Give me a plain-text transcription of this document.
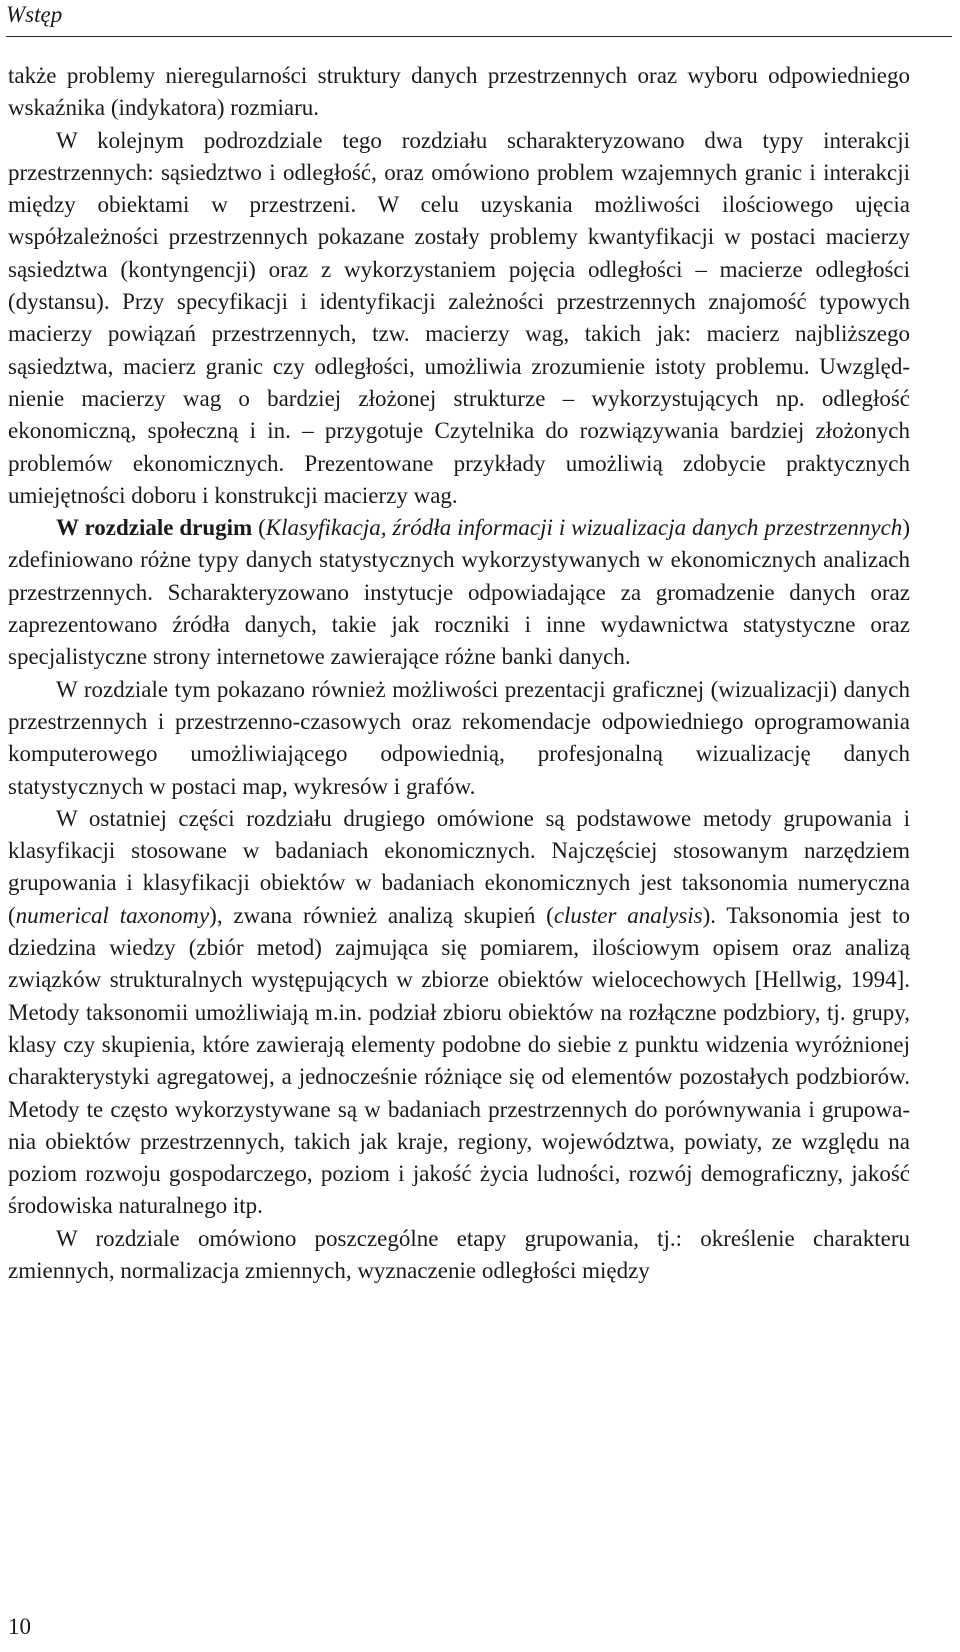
Wstęp

także problemy nieregularności struktury danych przestrzennych oraz wyboru odpowiedniego wskaźnika (indykatora) rozmiaru.

W kolejnym podrozdziale tego rozdziału scharakteryzowano dwa typy interakcji przestrzennych: sąsiedztwo i odległość, oraz omówiono problem wzajemnych granic i interakcji między obiektami w przestrzeni. W celu uzyskania możliwości ilościowego ujęcia współzależności przestrzennych pokazane zostały problemy kwantyfikacji w postaci macierzy sąsiedztwa (kontyngencji) oraz z wykorzystaniem pojęcia odległości – macierze odległości (dystansu). Przy specyfikacji i identyfikacji zależności przestrzennych znajomość typowych macierzy powiązań przestrzennych, tzw. macierzy wag, takich jak: macierz najbliższego sąsiedztwa, macierz granic czy odległości, umożliwia zrozumienie istoty problemu. Uwzględnienie macierzy wag o bardziej złożonej strukturze – wykorzystujących np. odległość ekonomiczną, społeczną i in. – przygotuje Czytelnika do rozwiązywania bardziej złożonych problemów ekonomicznych. Prezentowane przykłady umożliwią zdobycie praktycznych umiejętności doboru i konstrukcji macierzy wag.

W rozdziale drugim (Klasyfikacja, źródła informacji i wizualizacja danych przestrzennych) zdefiniowano różne typy danych statystycznych wykorzystywanych w ekonomicznych analizach przestrzennych. Scharakteryzowano instytucje odpowiadające za gromadzenie danych oraz zaprezentowano źródła danych, takie jak roczniki i inne wydawnictwa statystyczne oraz specjalistyczne strony internetowe zawierające różne banki danych.

W rozdziale tym pokazano również możliwości prezentacji graficznej (wizualizacji) danych przestrzennych i przestrzenno-czasowych oraz rekomendacje odpowiedniego oprogramowania komputerowego umożliwiającego odpowiednią, profesjonalną wizualizację danych statystycznych w postaci map, wykresów i grafów.

W ostatniej części rozdziału drugiego omówione są podstawowe metody grupowania i klasyfikacji stosowane w badaniach ekonomicznych. Najczęściej stosowanym narzędziem grupowania i klasyfikacji obiektów w badaniach ekonomicznych jest taksonomia numeryczna (numerical taxonomy), zwana również analizą skupień (cluster analysis). Taksonomia jest to dziedzina wiedzy (zbiór metod) zajmująca się pomiarem, ilościowym opisem oraz analizą związków strukturalnych występujących w zbiorze obiektów wielocechowych [Hellwig, 1994]. Metody taksonomii umożliwiają m.in. podział zbioru obiektów na rozłączne podzbiory, tj. grupy, klasy czy skupienia, które zawierają elementy podobne do siebie z punktu widzenia wyróżnionej charakterystyki agregatowej, a jednocześnie różniące się od elementów pozostałych podzbiorów. Metody te często wykorzystywane są w badaniach przestrzennych do porównywania i grupowania obiektów przestrzennych, takich jak kraje, regiony, województwa, powiaty, ze względu na poziom rozwoju gospodarczego, poziom i jakość życia ludności, rozwój demograficzny, jakość środowiska naturalnego itp.

W rozdziale omówiono poszczególne etapy grupowania, tj.: określenie charakteru zmiennych, normalizacja zmiennych, wyznaczenie odległości między

10
